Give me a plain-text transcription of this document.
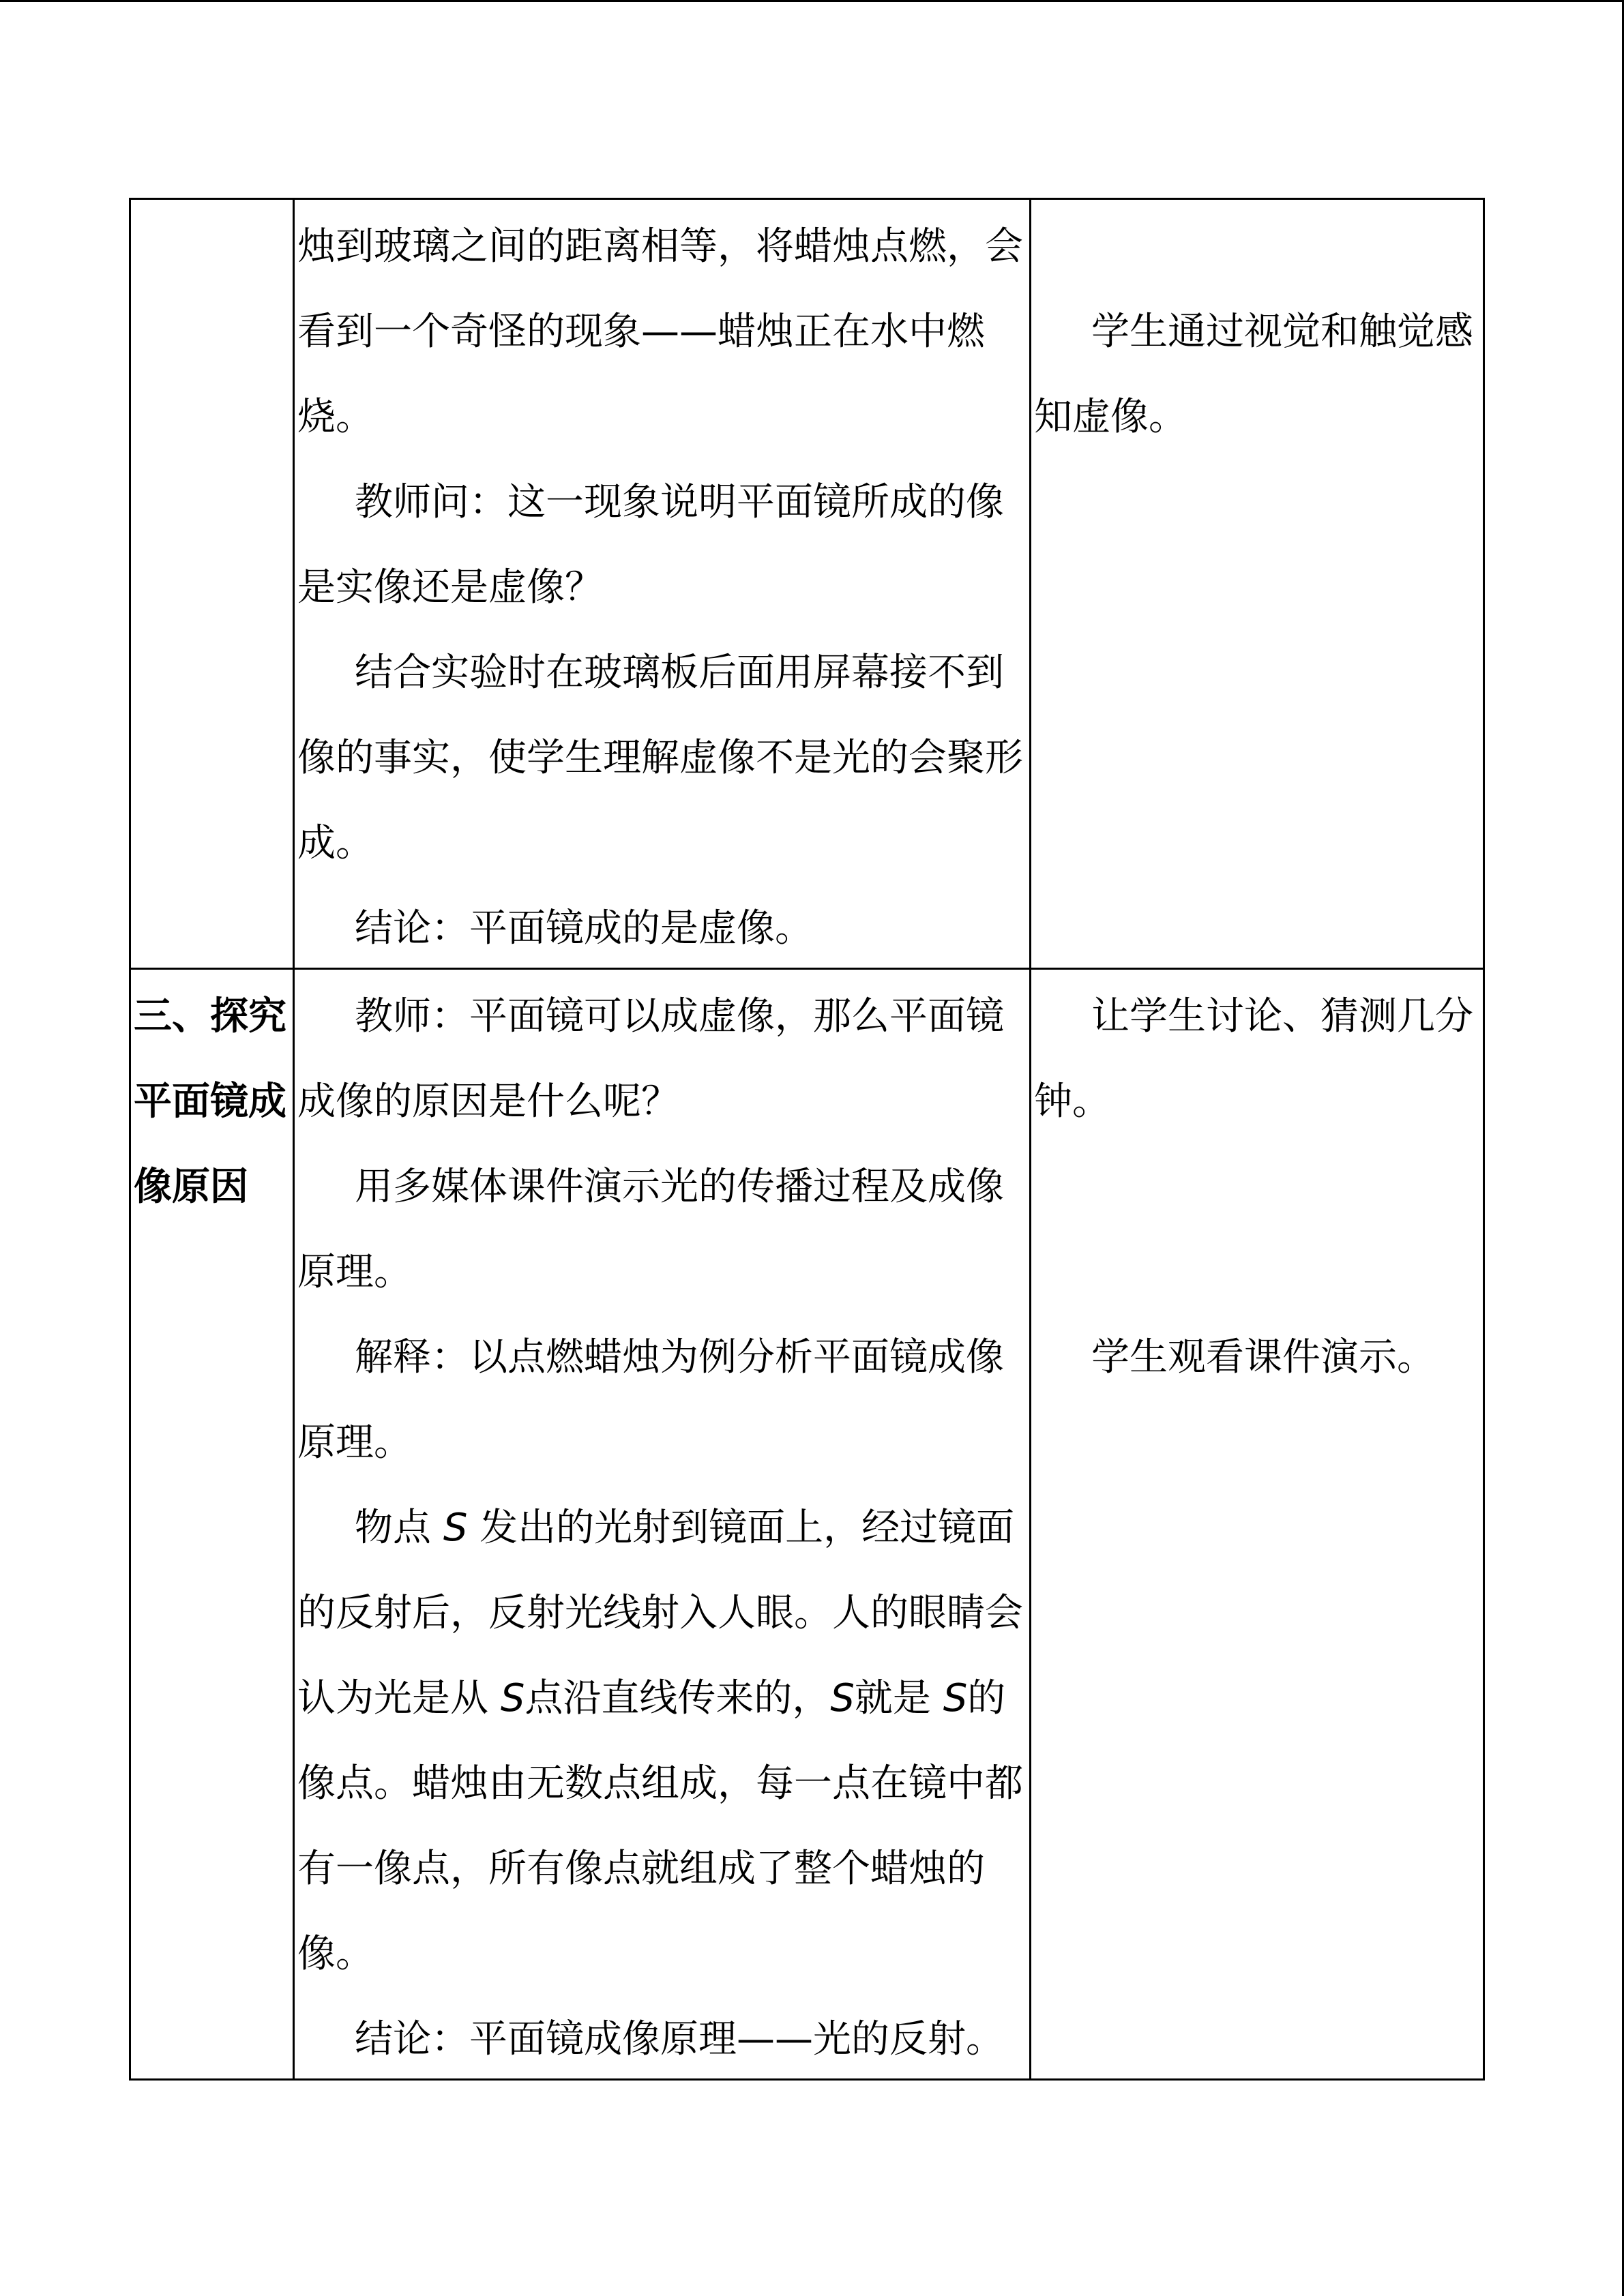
烛到玻璃之间的距离相等，将蜡烛点燃，会
看到一个奇怪的现象——蜡烛正在水中燃
烧。
教师问：这一现象说明平面镜所成的像
是实像还是虚像？
结合实验时在玻璃板后面用屏幕接不到
像的事实，使学生理解虚像不是光的会聚形
成。
结论：平面镜成的是虚像。
学生通过视觉和触觉感
知虚像。
三、探究
平面镜成
像原因
教师：平面镜可以成虚像，那么平面镜
成像的原因是什么呢？
用多媒体课件演示光的传播过程及成像
原理。
解释：以点燃蜡烛为例分析平面镜成像
原理。
物点 S 发出的光射到镜面上，经过镜面
的反射后，反射光线射入人眼。人的眼睛会
认为光是从 S点沿直线传来的，S就是 S的
像点。蜡烛由无数点组成，每一点在镜中都
有一像点，所有像点就组成了整个蜡烛的
像。
结论：平面镜成像原理——光的反射。
让学生讨论、猜测几分
钟。
学生观看课件演示。
